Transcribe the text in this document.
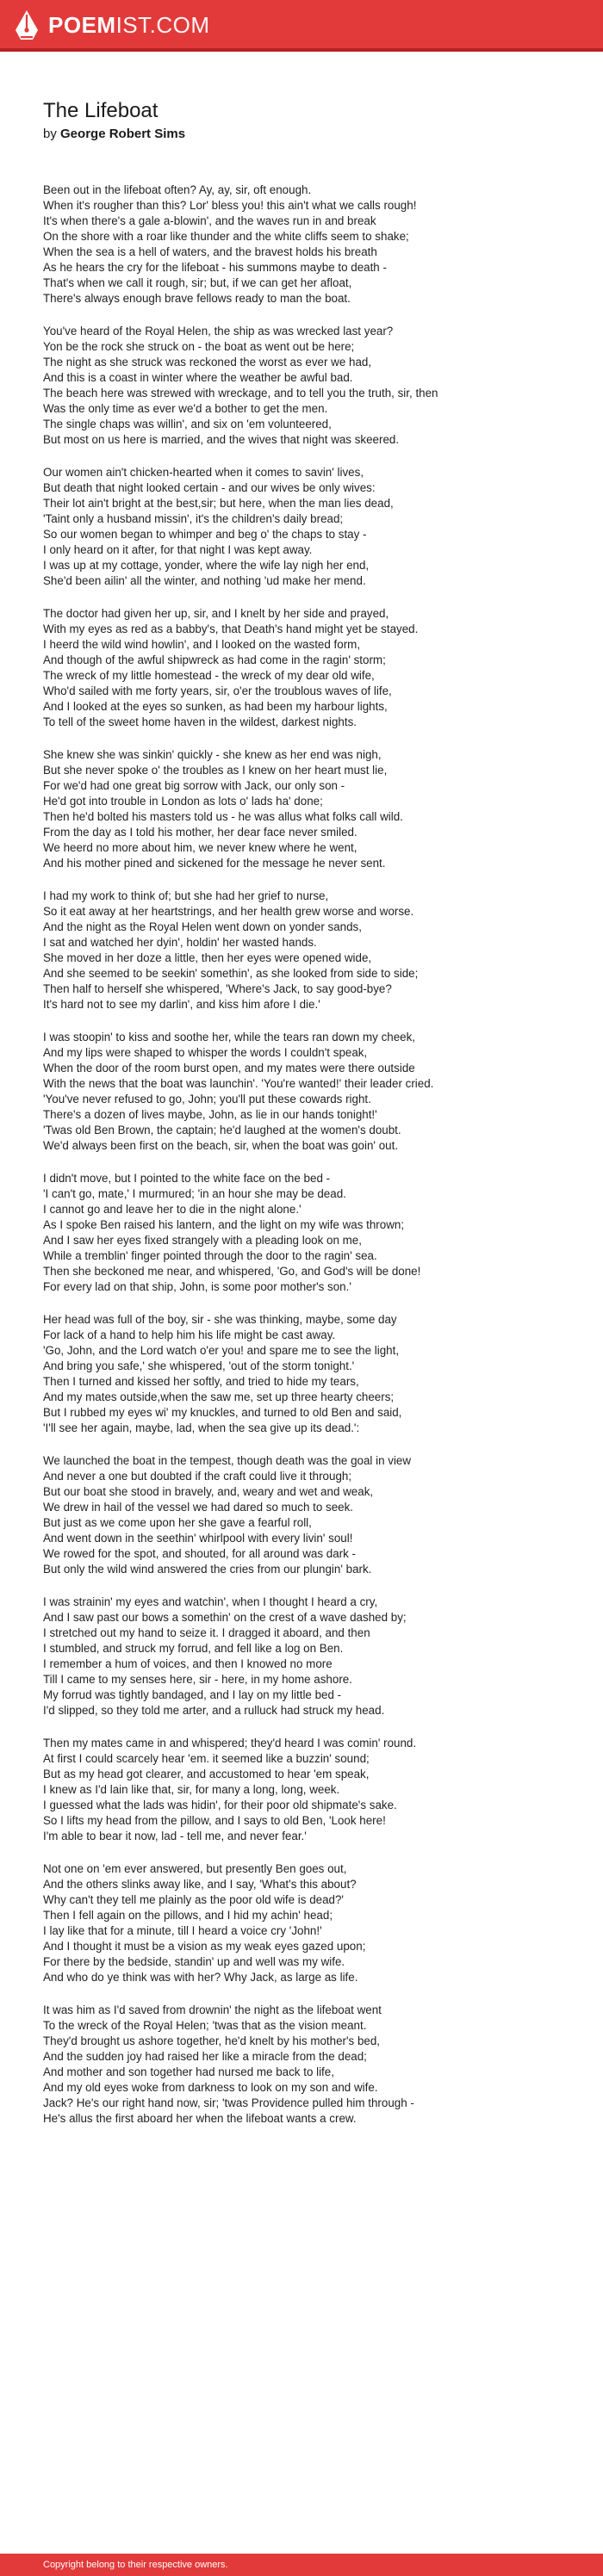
POEMIST.COM
The Lifeboat
by George Robert Sims
Been out in the lifeboat often? Ay, ay, sir, oft enough.
When it's rougher than this? Lor' bless you! this ain't what we calls rough!
It's when there's a gale a-blowin', and the waves run in and break
On the shore with a roar like thunder and the white cliffs seem to shake;
When the sea is a hell of waters, and the bravest holds his breath
As he hears the cry for the lifeboat - his summons maybe to death -
That's when we call it rough, sir; but, if we can get her afloat,
There's always enough brave fellows ready to man the boat.
You've heard of the Royal Helen, the ship as was wrecked last year?
Yon be the rock she struck on - the boat as went out be here;
The night as she struck was reckoned the worst as ever we had,
And this is a coast in winter where the weather be awful bad.
The beach here was strewed with wreckage, and to tell you the truth, sir, then
Was the only time as ever we'd a bother to get the men.
The single chaps was willin', and six on 'em volunteered,
But most on us here is married, and the wives that night was skeered.
Our women ain't chicken-hearted when it comes to savin' lives,
But death that night looked certain - and our wives be only wives:
Their lot ain't bright at the best,sir; but here, when the man lies dead,
'Taint only a husband missin', it's the children's daily bread;
So our women began to whimper and beg o' the chaps to stay -
I only heard on it after, for that night I was kept away.
I was up at my cottage, yonder, where the wife lay nigh her end,
She'd been ailin' all the winter, and nothing 'ud make her mend.
The doctor had given her up, sir, and I knelt by her side and prayed,
With my eyes as red as a babby's, that Death's hand might yet be stayed.
I heerd the wild wind howlin', and I looked on the wasted form,
And though of the awful shipwreck as had come in the ragin' storm;
The wreck of my little homestead - the wreck of my dear old wife,
Who'd sailed with me forty years, sir, o'er the troublous waves of life,
And I looked at the eyes so sunken, as had been my harbour lights,
To tell of the sweet home haven in the wildest, darkest nights.
She knew she was sinkin' quickly - she knew as her end was nigh,
But she never spoke o' the troubles as I knew on her heart must lie,
For we'd had one great big sorrow with Jack, our only son -
He'd got into trouble in London as lots o' lads ha' done;
Then he'd bolted his masters told us - he was allus what folks call wild.
From the day as I told his mother, her dear face never smiled.
We heerd no more about him, we never knew where he went,
And his mother pined and sickened for the message he never sent.
I had my work to think of; but she had her grief to nurse,
So it eat away at her heartstrings, and her health grew worse and worse.
And the night as the Royal Helen went down on yonder sands,
I sat and watched her dyin', holdin' her wasted hands.
She moved in her doze a little, then her eyes were opened wide,
And she seemed to be seekin' somethin', as she looked from side to side;
Then half to herself she whispered, 'Where's Jack, to say good-bye?
It's hard not to see my darlin', and kiss him afore I die.'
I was stoopin' to kiss and soothe her, while the tears ran down my cheek,
And my lips were shaped to whisper the words I couldn't speak,
When the door of the room burst open, and my mates were there outside
With the news that the boat was launchin'. 'You're wanted!' their leader cried.
'You've never refused to go, John; you'll put these cowards right.
There's a dozen of lives maybe, John, as lie in our hands tonight!'
'Twas old Ben Brown, the captain; he'd laughed at the women's doubt.
We'd always been first on the beach, sir, when the boat was goin' out.
I didn't move, but I pointed to the white face on the bed -
'I can't go, mate,' I murmured; 'in an hour she may be dead.
I cannot go and leave her to die in the night alone.'
As I spoke Ben raised his lantern, and the light on my wife was thrown;
And I saw her eyes fixed strangely with a pleading look on me,
While a tremblin' finger pointed through the door to the ragin' sea.
Then she beckoned me near, and whispered, 'Go, and God's will be done!
For every lad on that ship, John, is some poor mother's son.'
Her head was full of the boy, sir - she was thinking, maybe, some day
For lack of a hand to help him his life might be cast away.
'Go, John, and the Lord watch o'er you! and spare me to see the light,
And bring you safe,' she whispered, 'out of the storm tonight.'
Then I turned and kissed her softly, and tried to hide my tears,
And my mates outside,when the saw me, set up three hearty cheers;
But I rubbed my eyes wi' my knuckles, and turned to old Ben and said,
'I'll see her again, maybe, lad, when the sea give up its dead.':
We launched the boat in the tempest, though death was the goal in view
And never a one but doubted if the craft could live it through;
But our boat she stood in bravely, and, weary and wet and weak,
We drew in hail of the vessel we had dared so much to seek.
But just as we come upon her she gave a fearful roll,
And went down in the seethin' whirlpool with every livin' soul!
We rowed for the spot, and shouted, for all around was dark -
But only the wild wind answered the cries from our plungin' bark.
I was strainin' my eyes and watchin', when I thought I heard a cry,
And I saw past our bows a somethin' on the crest of a wave dashed by;
I stretched out my hand to seize it. I dragged it aboard, and then
I stumbled, and struck my forrud, and fell like a log on Ben.
I remember a hum of voices, and then I knowed no more
Till I came to my senses here, sir - here, in my home ashore.
My forrud was tightly bandaged, and I lay on my little bed -
I'd slipped, so they told me arter, and a rulluck had struck my head.
Then my mates came in and whispered; they'd heard I was comin' round.
At first I could scarcely hear 'em. it seemed like a buzzin' sound;
But as my head got clearer, and accustomed to hear 'em speak,
I knew as I'd lain like that, sir, for many a long, long, week.
I guessed what the lads was hidin', for their poor old shipmate's sake.
So I lifts my head from the pillow, and I says to old Ben, 'Look here!
I'm able to bear it now, lad - tell me, and never fear.'
Not one on 'em ever answered, but presently Ben goes out,
And the others slinks away like, and I say, 'What's this about?
Why can't they tell me plainly as the poor old wife is dead?'
Then I fell again on the pillows, and I hid my achin' head;
I lay like that for a minute, till I heard a voice cry 'John!'
And I thought it must be a vision as my weak eyes gazed upon;
For there by the bedside, standin' up and well was my wife.
And who do ye think was with her? Why Jack, as large as life.
It was him as I'd saved from drownin' the night as the lifeboat went
To the wreck of the Royal Helen; 'twas that as the vision meant.
They'd brought us ashore together, he'd knelt by his mother's bed,
And the sudden joy had raised her like a miracle from the dead;
And mother and son together had nursed me back to life,
And my old eyes woke from darkness to look on my son and wife.
Jack? He's our right hand now, sir; 'twas Providence pulled him through -
He's allus the first aboard her when the lifeboat wants a crew.
Copyright belong to their respective owners.
